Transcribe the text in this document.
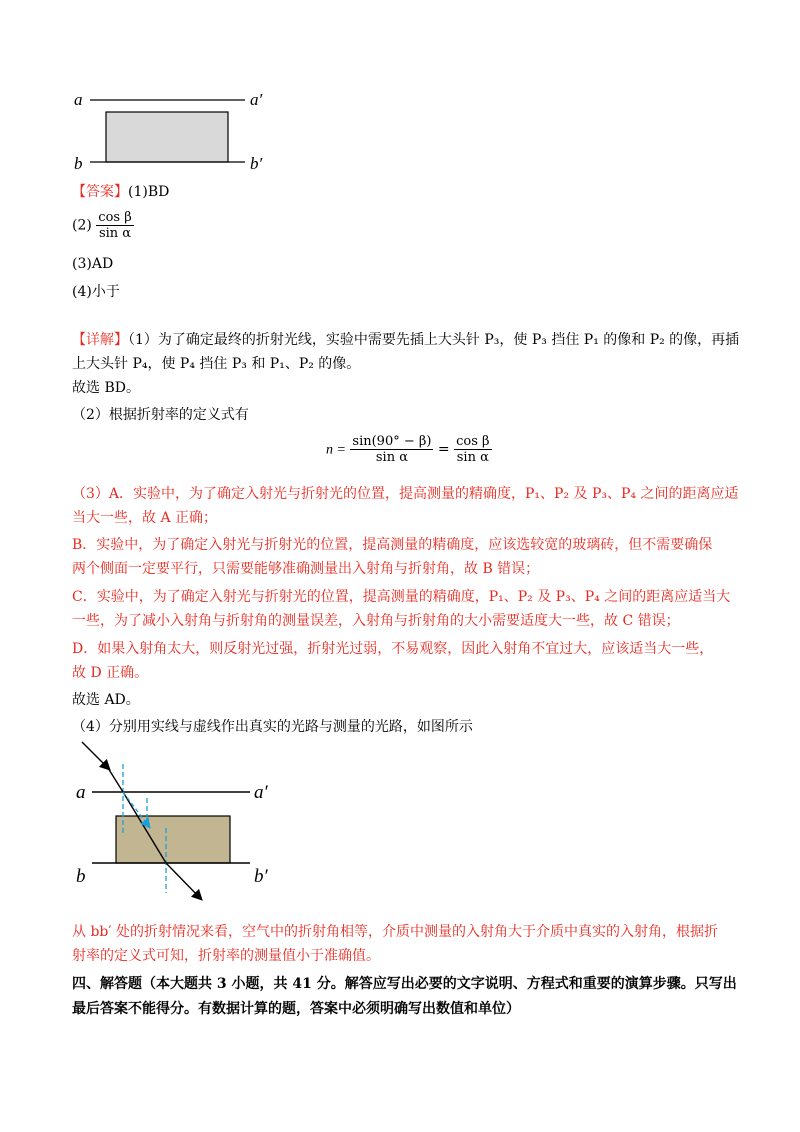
a	a′
b	b′
【答案】(1)BD
$(2) \frac{\text{cos β}}{\text{sin α}}$
(3)AD
(4)小于
【详解】（1）为了确定最终的折射光线，实验中需要先插上大头针 P₃，使 P₃ 挡住 P₁ 的像和 P₂ 的像，再插
上大头针 P₄，使 P₄ 挡住 P₃ 和 P₁、P₂ 的像。
故选 BD。
（2）根据折射率的定义式有
$n = \frac{\sin(90^\circ - \beta)}{\text{sin α}} = \frac{\text{cos β}}{\text{sin α}}$
（3）A．实验中，为了确定入射光与折射光的位置，提高测量的精确度，P₁、P₂ 及 P₃、P₄ 之间的距离应适
当大一些，故 A 正确；
B．实验中，为了确定入射光与折射光的位置，提高测量的精确度，应该选较宽的玻璃砖，但不需要确保
两个侧面一定要平行，只需要能够准确测量出入射角与折射角，故 B 错误；
C．实验中，为了确定入射光与折射光的位置，提高测量的精确度，P₁、P₂ 及 P₃、P₄ 之间的距离应适当大
一些，为了减小入射角与折射角的测量误差，入射角与折射角的大小需要适度大一些，故 C 错误；
D．如果入射角太大，则反射光过强，折射光过弱，不易观察，因此入射角不宜过大，应该适当大一些，
故 D 正确。
故选 AD。
（4）分别用实线与虚线作出真实的光路与测量的光路，如图所示
a	a′
b	b′
从 bb′ 处的折射情况来看，空气中的折射角相等，介质中测量的入射角大于介质中真实的入射角，根据折
射率的定义式可知，折射率的测量值小于准确值。
四、解答题（本大题共 3 小题，共 41 分。解答应写出必要的文字说明、方程式和重要的演算步骤。只写出
最后答案不能得分。有数据计算的题，答案中必须明确写出数值和单位）
